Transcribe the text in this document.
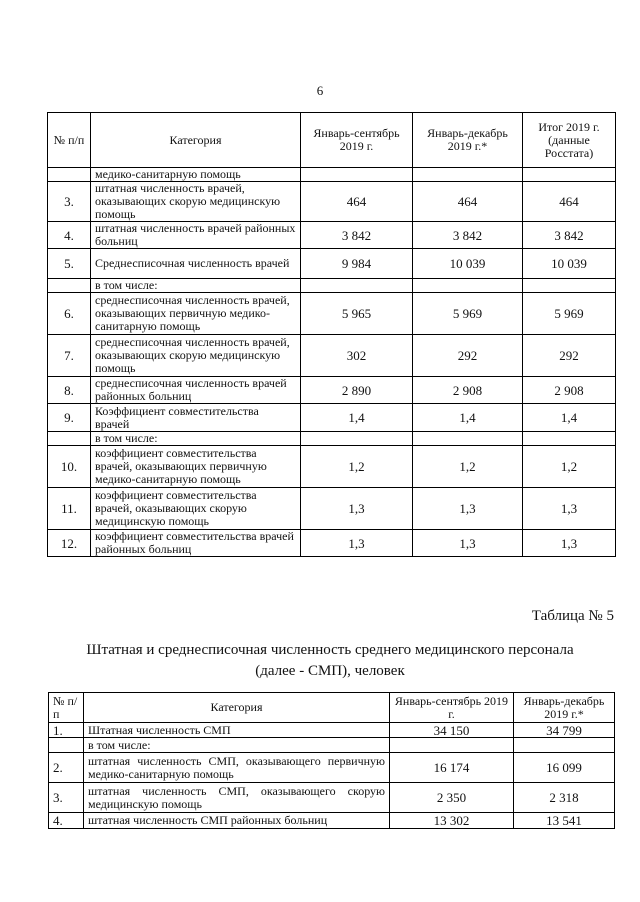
6
№ п/п	Категория	Январь-сентябрь 2019 г.	Январь-декабрь 2019 г.*	Итог 2019 г. (данные Росстата)
	медико-санитарную помощь			
3.	штатная численность врачей, оказывающих скорую медицинскую помощь	464	464	464
4.	штатная численность врачей районных больниц	3 842	3 842	3 842
5.	Среднесписочная численность врачей	9 984	10 039	10 039
	в том числе:			
6.	среднесписочная численность врачей, оказывающих первичную медико-санитарную помощь	5 965	5 969	5 969
7.	среднесписочная численность врачей, оказывающих скорую медицинскую помощь	302	292	292
8.	среднесписочная численность врачей районных больниц	2 890	2 908	2 908
9.	Коэффициент совместительства врачей	1,4	1,4	1,4
	в том числе:			
10.	коэффициент совместительства врачей, оказывающих первичную медико-санитарную помощь	1,2	1,2	1,2
11.	коэффициент совместительства врачей, оказывающих скорую медицинскую помощь	1,3	1,3	1,3
12.	коэффициент совместительства врачей районных больниц	1,3	1,3	1,3
Таблица № 5
Штатная и среднесписочная численность среднего медицинского персонала
(далее - СМП), человек
№ п/п	Категория	Январь-сентябрь 2019 г.	Январь-декабрь 2019 г.*
1.	Штатная численность СМП	34 150	34 799
	в том числе:		
2.	штатная численность СМП, оказывающего первичную медико-санитарную помощь	16 174	16 099
3.	штатная численность СМП, оказывающего скорую медицинскую помощь	2 350	2 318
4.	штатная численность СМП районных больниц	13 302	13 541
